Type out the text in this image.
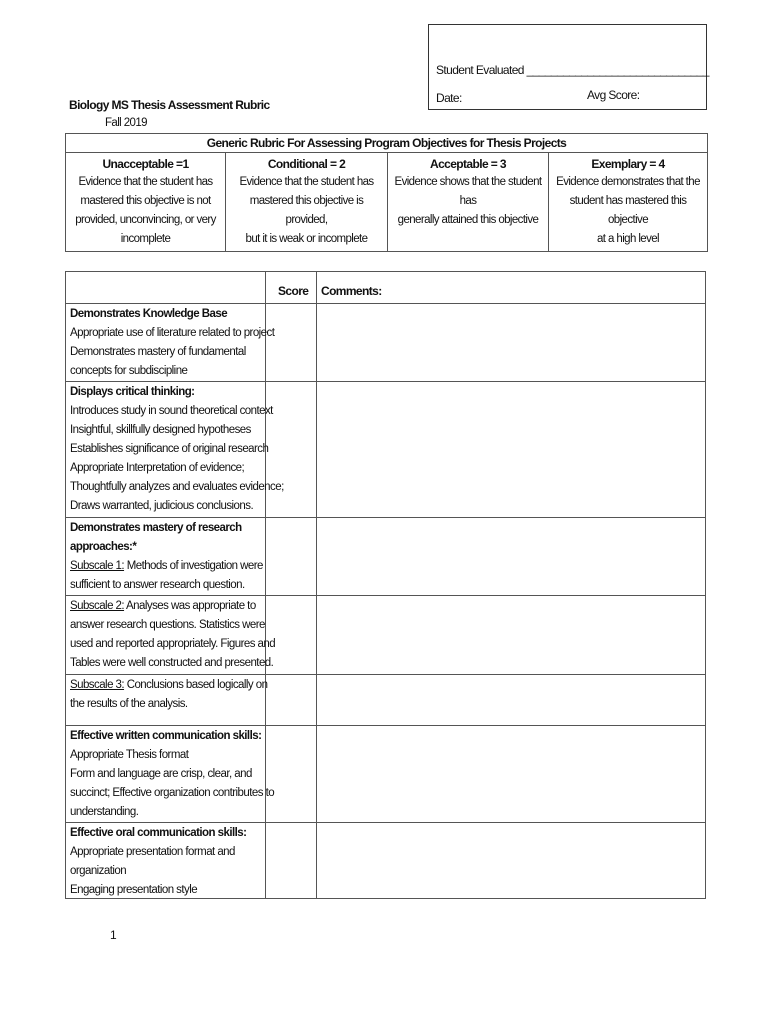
Student Evaluated ______________________________
Date:	Avg Score:
Biology MS Thesis Assessment Rubric
Fall 2019
Generic Rubric For Assessing Program Objectives for Thesis Projects
Unacceptable =1
Evidence that the student has
mastered this objective is not
provided, unconvincing, or very
incomplete
Conditional = 2
Evidence that the student has
mastered this objective is provided,
but it is weak or incomplete
Acceptable = 3
Evidence shows that the student has
generally attained this objective
Exemplary = 4
Evidence demonstrates that the
student has mastered this objective
at a high level
Score Comments:
Demonstrates Knowledge Base
Appropriate use of literature related to project
Demonstrates mastery of fundamental
concepts for subdiscipline
Displays critical thinking:
Introduces study in sound theoretical context
Insightful, skillfully designed hypotheses
Establishes significance of original research
Appropriate Interpretation of evidence;
Thoughtfully analyzes and evaluates evidence;
Draws warranted, judicious conclusions.
Demonstrates mastery of research
approaches:*
Subscale 1: Methods of investigation were
sufficient to answer research question.
Subscale 2: Analyses was appropriate to
answer research questions. Statistics were
used and reported appropriately. Figures and
Tables were well constructed and presented.
Subscale 3: Conclusions based logically on
the results of the analysis.
Effective written communication skills:
Appropriate Thesis format
Form and language are crisp, clear, and
succinct; Effective organization contributes to
understanding.
Effective oral communication skills:
Appropriate presentation format and
organization
Engaging presentation style
1
